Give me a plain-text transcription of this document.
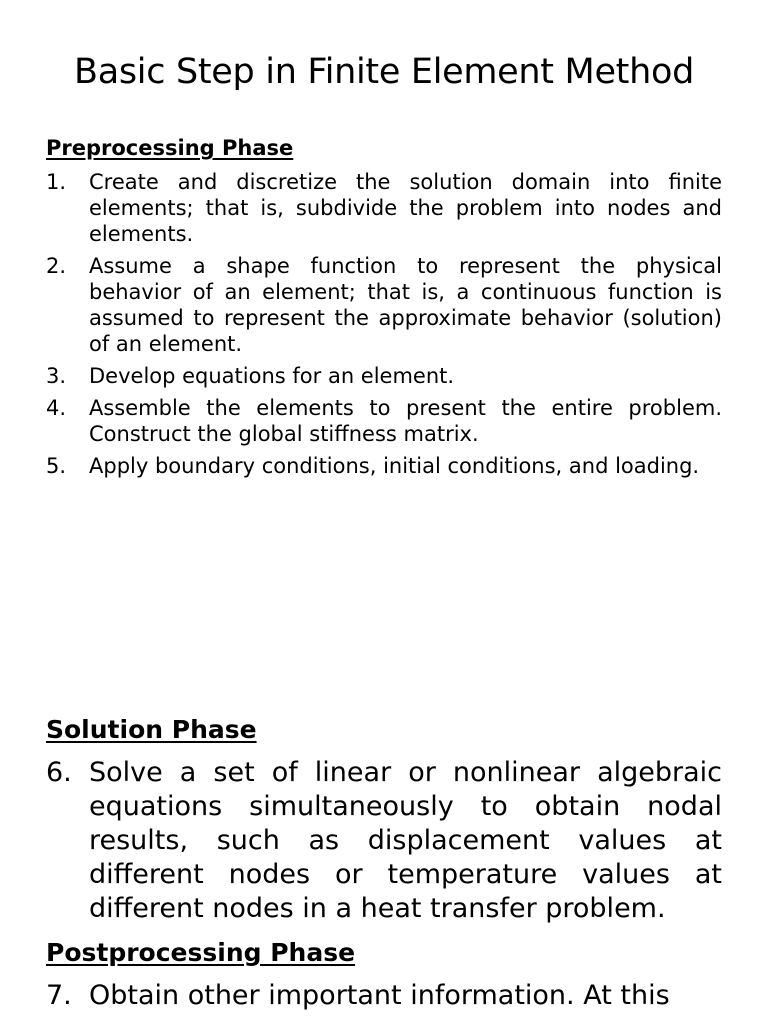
Basic Step in Finite Element Method
Preprocessing Phase
1.	Create and discretize the solution domain into finite elements; that is, subdivide the problem into nodes and elements.
2.	Assume a shape function to represent the physical behavior of an element; that is, a continuous function is assumed to represent the approximate behavior (solution) of an element.
3.	Develop equations for an element.
4.	Assemble the elements to present the entire problem. Construct the global stiffness matrix.
5.	Apply boundary conditions, initial conditions, and loading.
Solution Phase
6. Solve a set of linear or nonlinear algebraic equations simultaneously to obtain nodal results, such as displacement values at different nodes or temperature values at different nodes in a heat transfer problem.
Postprocessing Phase
7. Obtain other important information. At this
